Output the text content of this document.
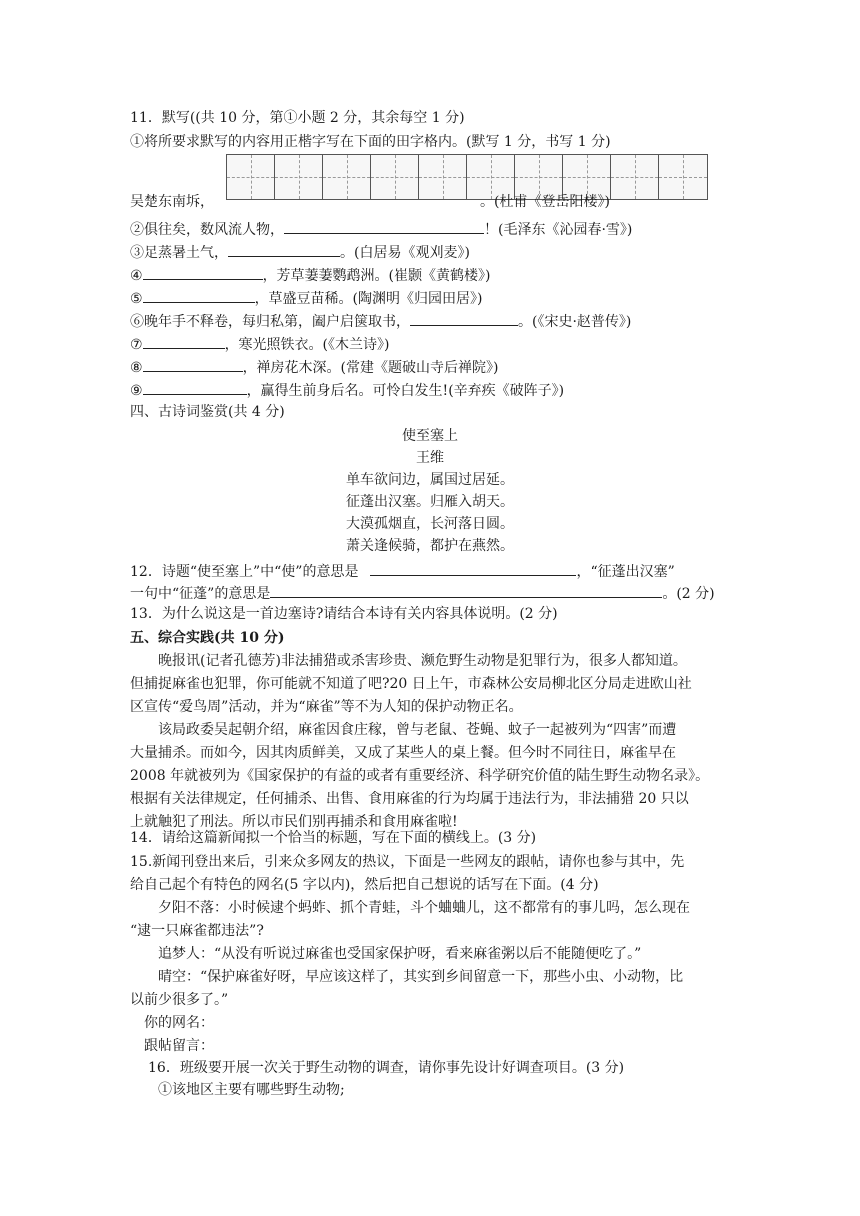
11．默写((共 10 分，第①小题 2 分，其余每空 1 分)
①将所要求默写的内容用正楷字写在下面的田字格内。(默写 1 分，书写 1 分)
吴楚东南坼，	。(杜甫《登岳阳楼》)
②俱往矣，数风流人物，	！(毛泽东《沁园春·雪》)
③足蒸暑土气，	。(白居易《观刈麦》)
④	，芳草萋萋鹦鹉洲。(崔颢《黄鹤楼》)
⑤	，草盛豆苗稀。(陶渊明《归园田居》)
⑥晚年手不释卷，每归私第，阖户启箧取书，	。(《宋史·赵普传》)
⑦	，寒光照铁衣。(《木兰诗》)
⑧	，禅房花木深。(常建《题破山寺后禅院》)
⑨	，赢得生前身后名。可怜白发生!(辛弃疾《破阵子》)
四、古诗词鉴赏(共 4 分)
使至塞上
王维
单车欲问边，属国过居延。
征蓬出汉塞。归雁入胡天。
大漠孤烟直，长河落日圆。
萧关逢候骑，都护在燕然。
12．诗题“使至塞上”中“使”的意思是	，“征蓬出汉塞”
一句中“征蓬”的意思是	。(2 分)
13．为什么说这是一首边塞诗?请结合本诗有关内容具体说明。(2 分)
五、综合实践(共 10 分)
晚报讯(记者孔德芳)非法捕猎或杀害珍贵、濒危野生动物是犯罪行为，很多人都知道。
但捕捉麻雀也犯罪，你可能就不知道了吧?20 日上午，市森林公安局柳北区分局走进欧山社
区宣传“爱鸟周”活动，并为“麻雀”等不为人知的保护动物正名。
该局政委吴起朝介绍，麻雀因食庄稼，曾与老鼠、苍蝇、蚊子一起被列为“四害”而遭
大量捕杀。而如今，因其肉质鲜美，又成了某些人的桌上餐。但今时不同往日，麻雀早在
2008 年就被列为《国家保护的有益的或者有重要经济、科学研究价值的陆生野生动物名录》。
根据有关法律规定，任何捕杀、出售、食用麻雀的行为均属于违法行为，非法捕猎 20 只以
上就触犯了刑法。所以市民们别再捕杀和食用麻雀啦!
14．请给这篇新闻拟一个恰当的标题，写在下面的横线上。(3 分)
15.新闻刊登出来后，引来众多网友的热议，下面是一些网友的跟帖，请你也参与其中，先
给自己起个有特色的网名(5 字以内)，然后把自己想说的话写在下面。(4 分)
夕阳不落：小时候逮个蚂蚱、抓个青蛙，斗个蛐蛐儿，这不都常有的事儿吗，怎么现在
“逮一只麻雀都违法”?
追梦人：“从没有听说过麻雀也受国家保护呀，看来麻雀粥以后不能随便吃了。”
晴空：“保护麻雀好呀，早应该这样了，其实到乡间留意一下，那些小虫、小动物，比
以前少很多了。”
你的网名：
跟帖留言：
16．班级要开展一次关于野生动物的调查，请你事先设计好调查项目。(3 分)
①该地区主要有哪些野生动物;
